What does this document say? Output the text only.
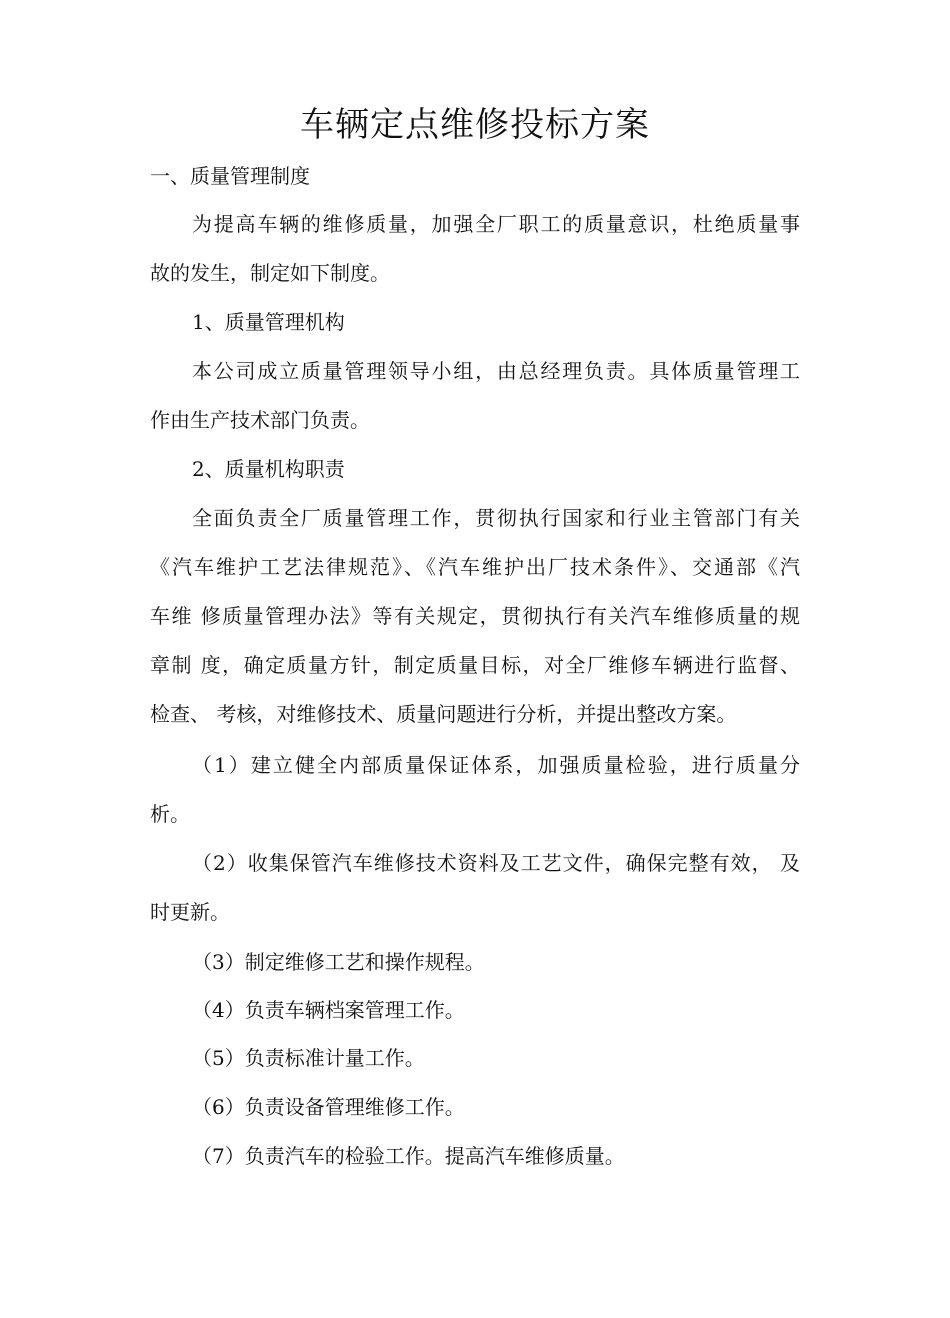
车辆定点维修投标方案
一、质量管理制度
为提高车辆的维修质量，加强全厂职工的质量意识，杜绝质量事
故的发生，制定如下制度。
1、质量管理机构
本公司成立质量管理领导小组，由总经理负责。具体质量管理工
作由生产技术部门负责。
2、质量机构职责
全面负责全厂质量管理工作，贯彻执行国家和行业主管部门有关
《汽车维护工艺法律规范》、《汽车维护出厂技术条件》、交通部《汽
车维 修质量管理办法》等有关规定，贯彻执行有关汽车维修质量的规
章制 度，确定质量方针，制定质量目标，对全厂维修车辆进行监督、
检查、 考核，对维修技术、质量问题进行分析，并提出整改方案。
（1）建立健全内部质量保证体系，加强质量检验，进行质量分
析。
（2）收集保管汽车维修技术资料及工艺文件，确保完整有效， 及
时更新。
（3）制定维修工艺和操作规程。
（4）负责车辆档案管理工作。
（5）负责标准计量工作。
（6）负责设备管理维修工作。
（7）负责汽车的检验工作。提高汽车维修质量。
